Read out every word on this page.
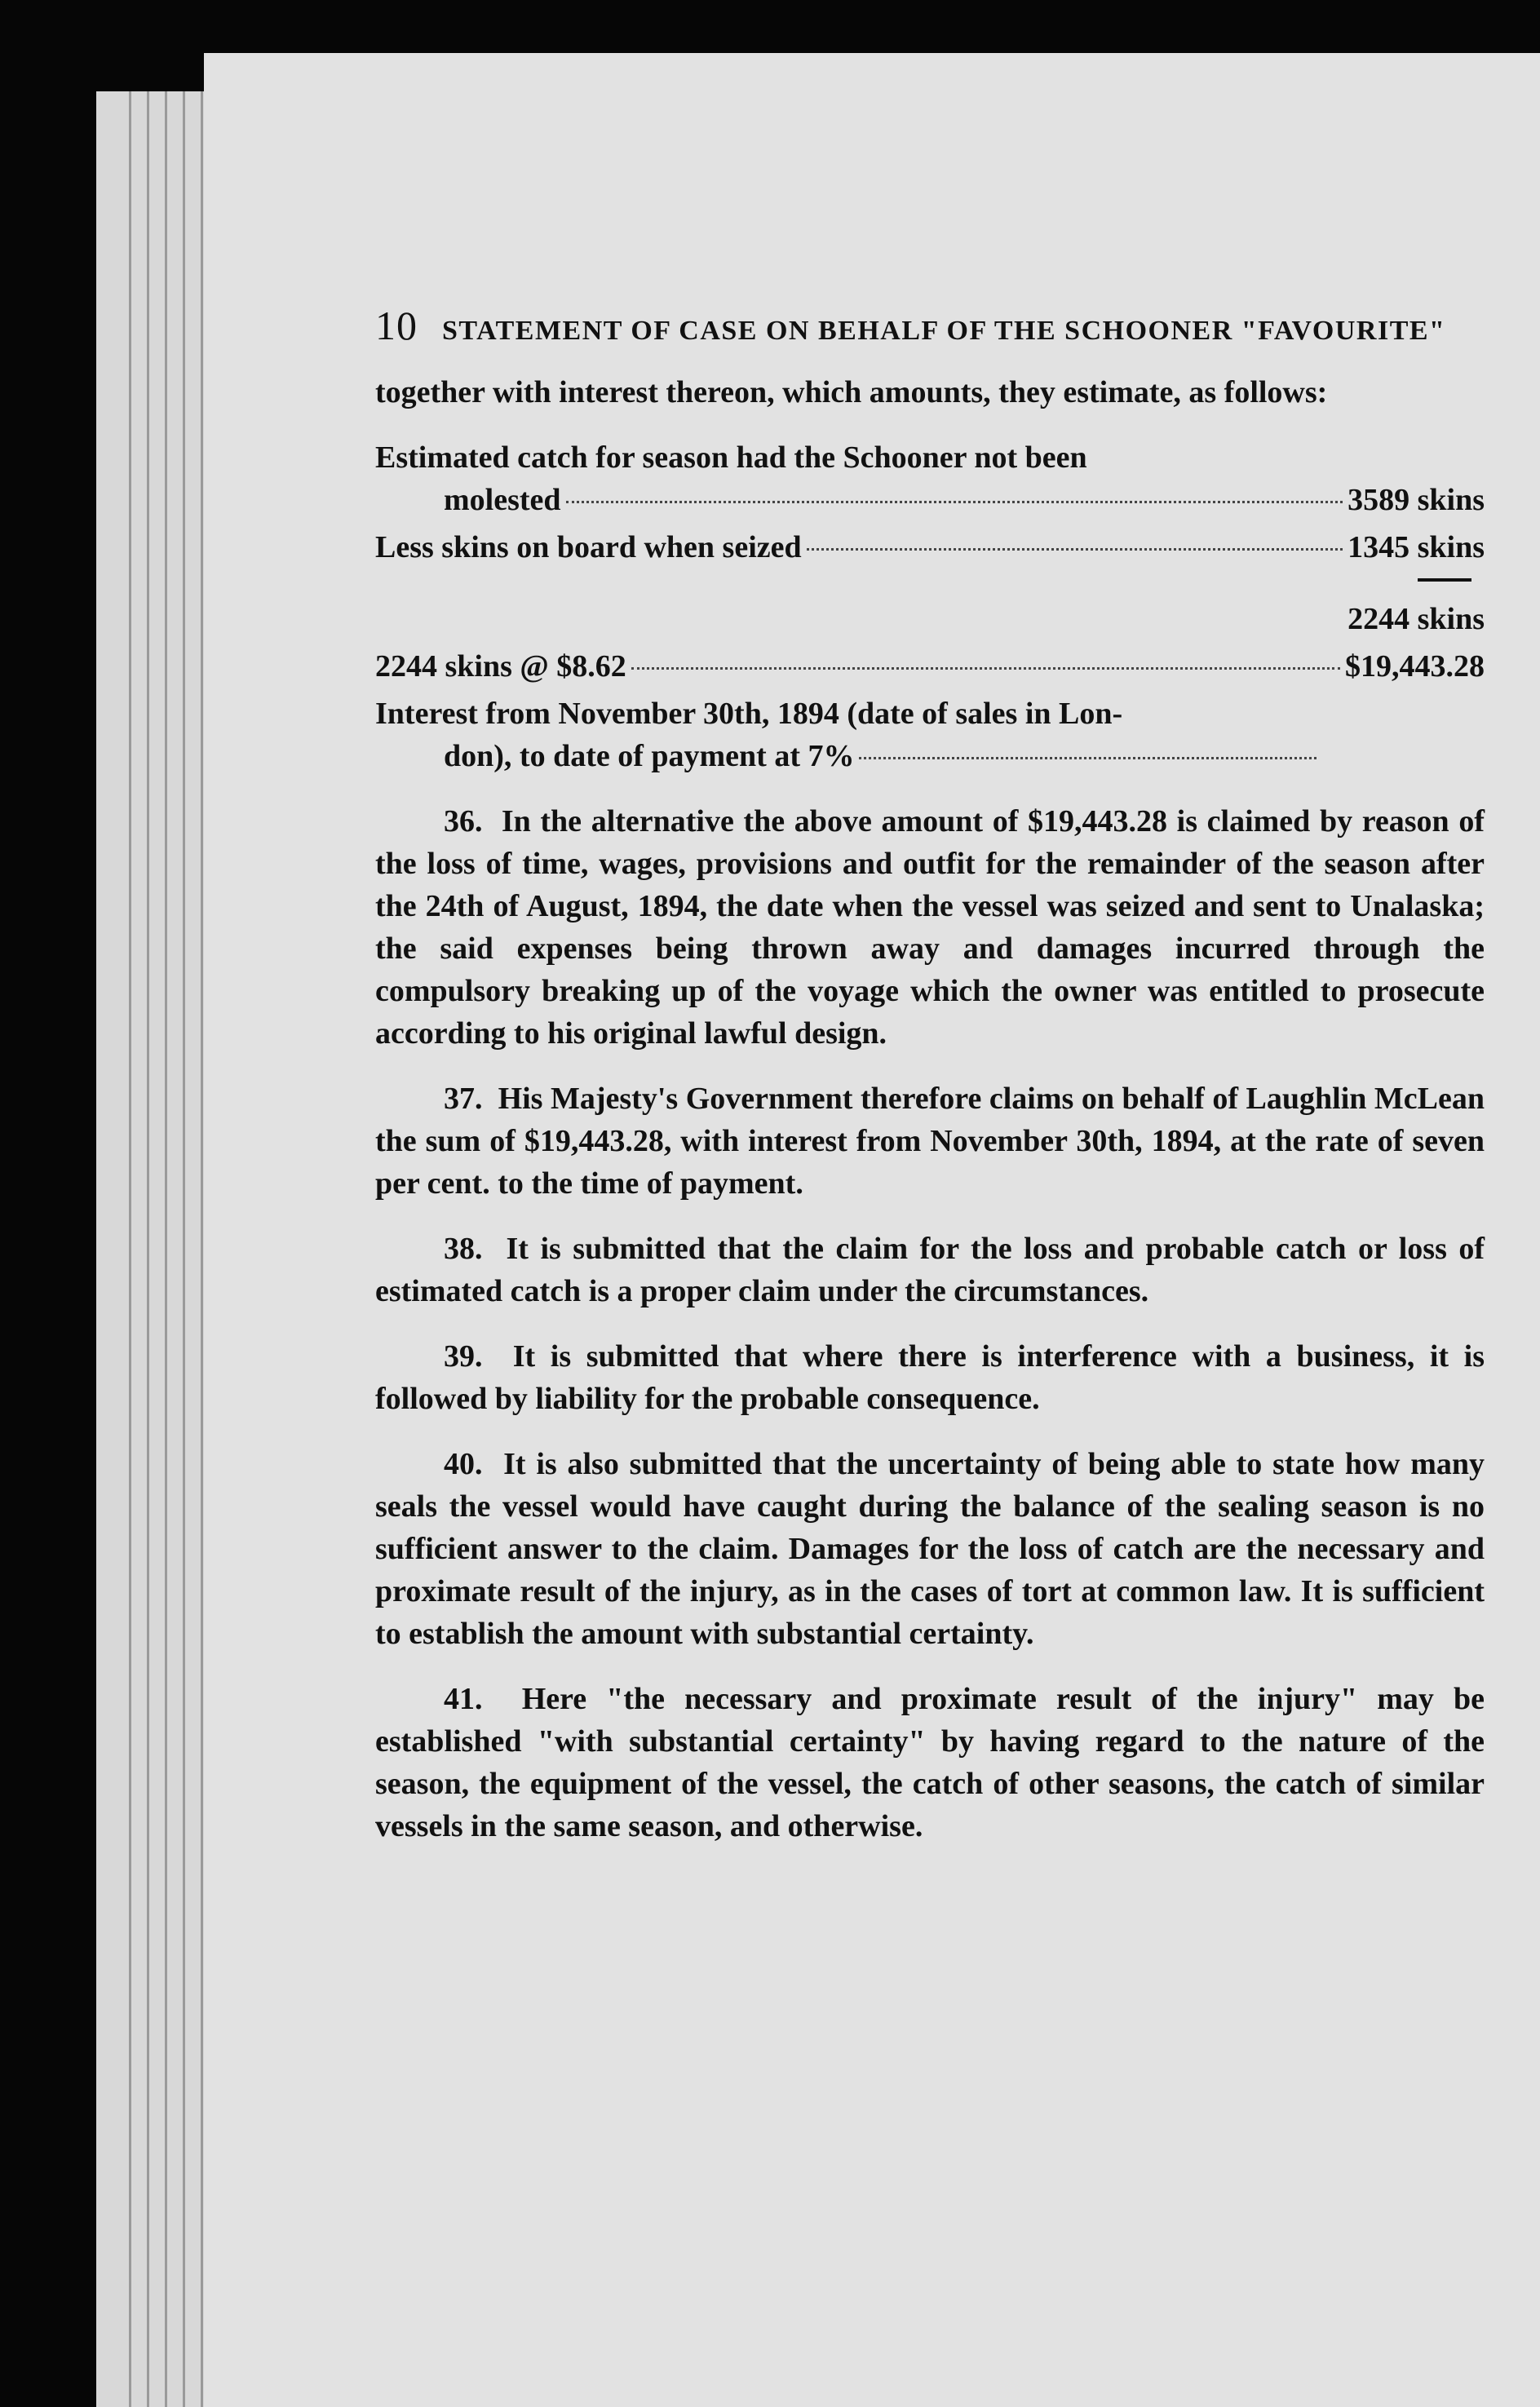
10 STATEMENT OF CASE ON BEHALF OF THE SCHOONER "FAVOURITE"

together with interest thereon, which amounts, they estimate, as follows:

Estimated catch for season had the Schooner not been
molested	3589 skins
Less skins on board when seized	1345 skins
2244 skins
2244 skins @ $8.62	$19,443.28
Interest from November 30th, 1894 (date of sales in Lon-
don), to date of payment at 7%

36. In the alternative the above amount of $19,443.28 is claimed by reason of the loss of time, wages, provisions and outfit for the remainder of the season after the 24th of August, 1894, the date when the vessel was seized and sent to Unalaska; the said expenses being thrown away and damages incurred through the compulsory breaking up of the voyage which the owner was entitled to prosecute according to his original lawful design.

37. His Majesty's Government therefore claims on behalf of Laughlin McLean the sum of $19,443.28, with interest from November 30th, 1894, at the rate of seven per cent. to the time of payment.

38. It is submitted that the claim for the loss and probable catch or loss of estimated catch is a proper claim under the circumstances.

39. It is submitted that where there is interference with a business, it is followed by liability for the probable consequence.

40. It is also submitted that the uncertainty of being able to state how many seals the vessel would have caught during the balance of the sealing season is no sufficient answer to the claim. Damages for the loss of catch are the necessary and proximate result of the injury, as in the cases of tort at common law. It is sufficient to establish the amount with substantial certainty.

41. Here "the necessary and proximate result of the injury" may be established "with substantial certainty" by having regard to the nature of the season, the equipment of the vessel, the catch of other seasons, the catch of similar vessels in the same season, and otherwise.
